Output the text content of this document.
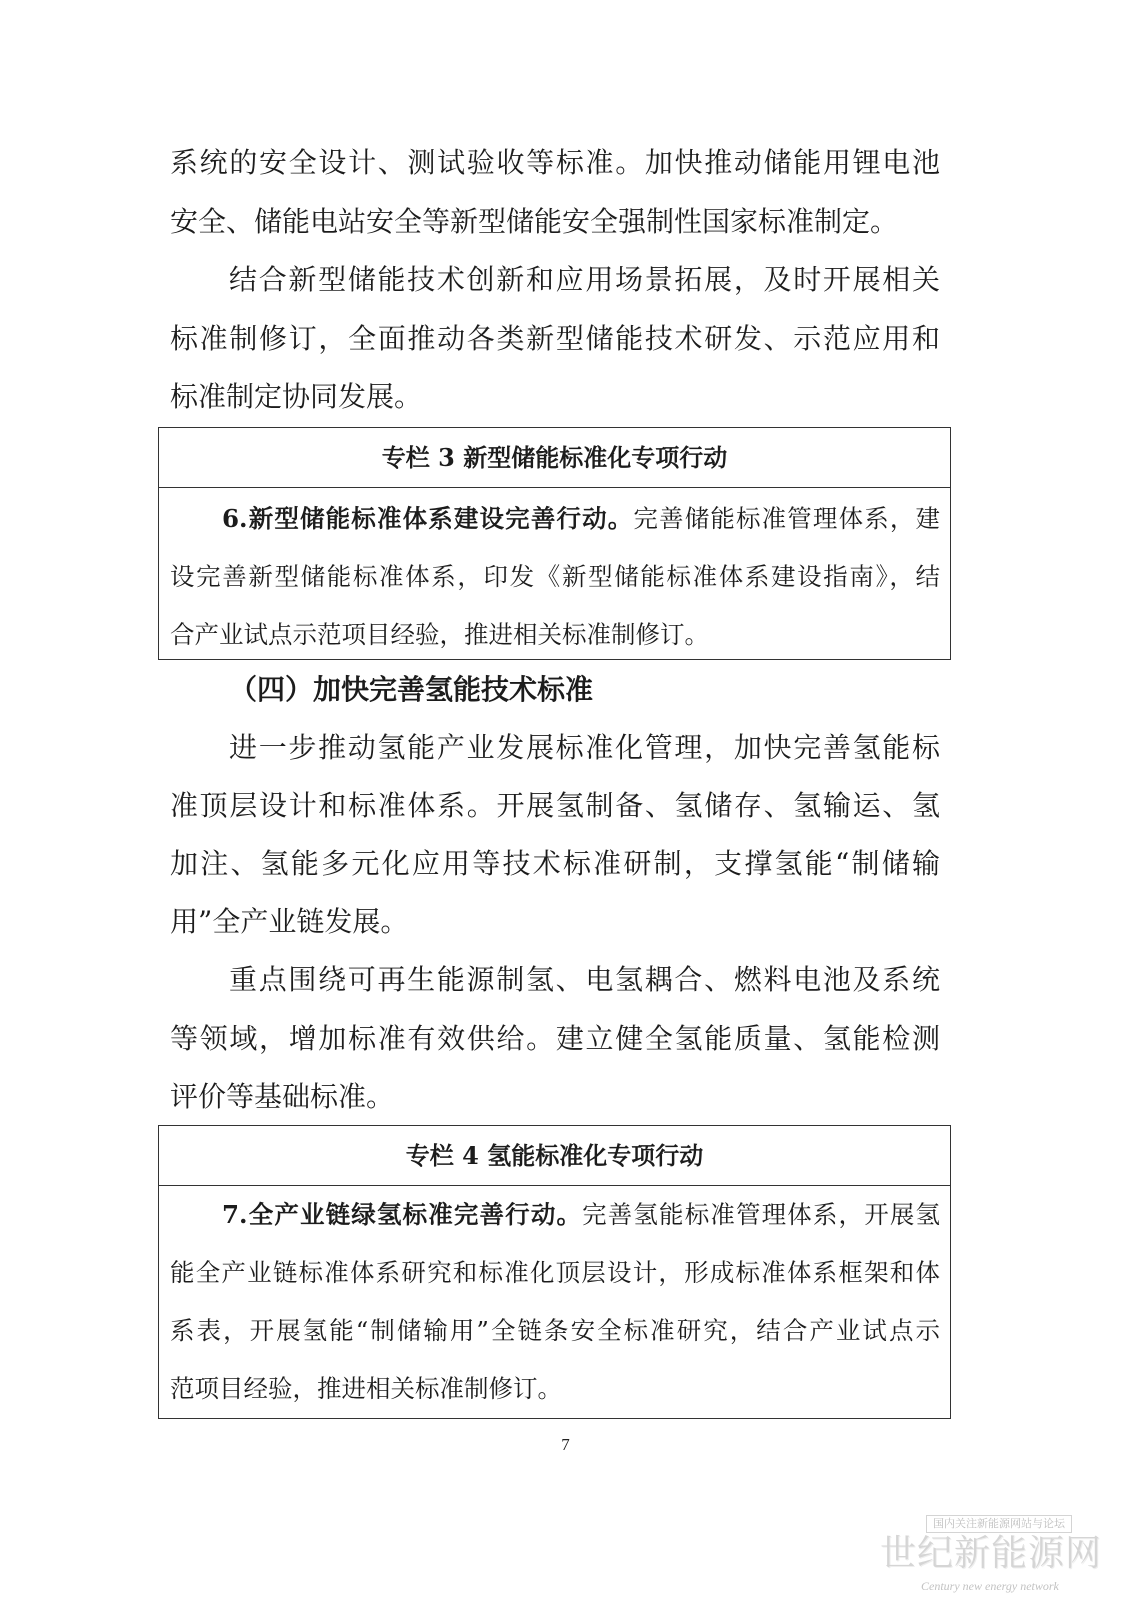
系统的安全设计、测试验收等标准。加快推动储能用锂电池
安全、储能电站安全等新型储能安全强制性国家标准制定。
结合新型储能技术创新和应用场景拓展，及时开展相关
标准制修订，全面推动各类新型储能技术研发、示范应用和
标准制定协同发展。
专栏 3 新型储能标准化专项行动
6.新型储能标准体系建设完善行动。完善储能标准管理体系，建
设完善新型储能标准体系，印发《新型储能标准体系建设指南》，结
合产业试点示范项目经验，推进相关标准制修订。
（四）加快完善氢能技术标准
进一步推动氢能产业发展标准化管理，加快完善氢能标
准顶层设计和标准体系。开展氢制备、氢储存、氢输运、氢
加注、氢能多元化应用等技术标准研制，支撑氢能“制储输
用”全产业链发展。
重点围绕可再生能源制氢、电氢耦合、燃料电池及系统
等领域，增加标准有效供给。建立健全氢能质量、氢能检测
评价等基础标准。
专栏 4 氢能标准化专项行动
7.全产业链绿氢标准完善行动。完善氢能标准管理体系，开展氢
能全产业链标准体系研究和标准化顶层设计，形成标准体系框架和体
系表，开展氢能“制储输用”全链条安全标准研究，结合产业试点示
范项目经验，推进相关标准制修订。
7
国内关注新能源网站与论坛
世纪新能源网
Century new energy network
